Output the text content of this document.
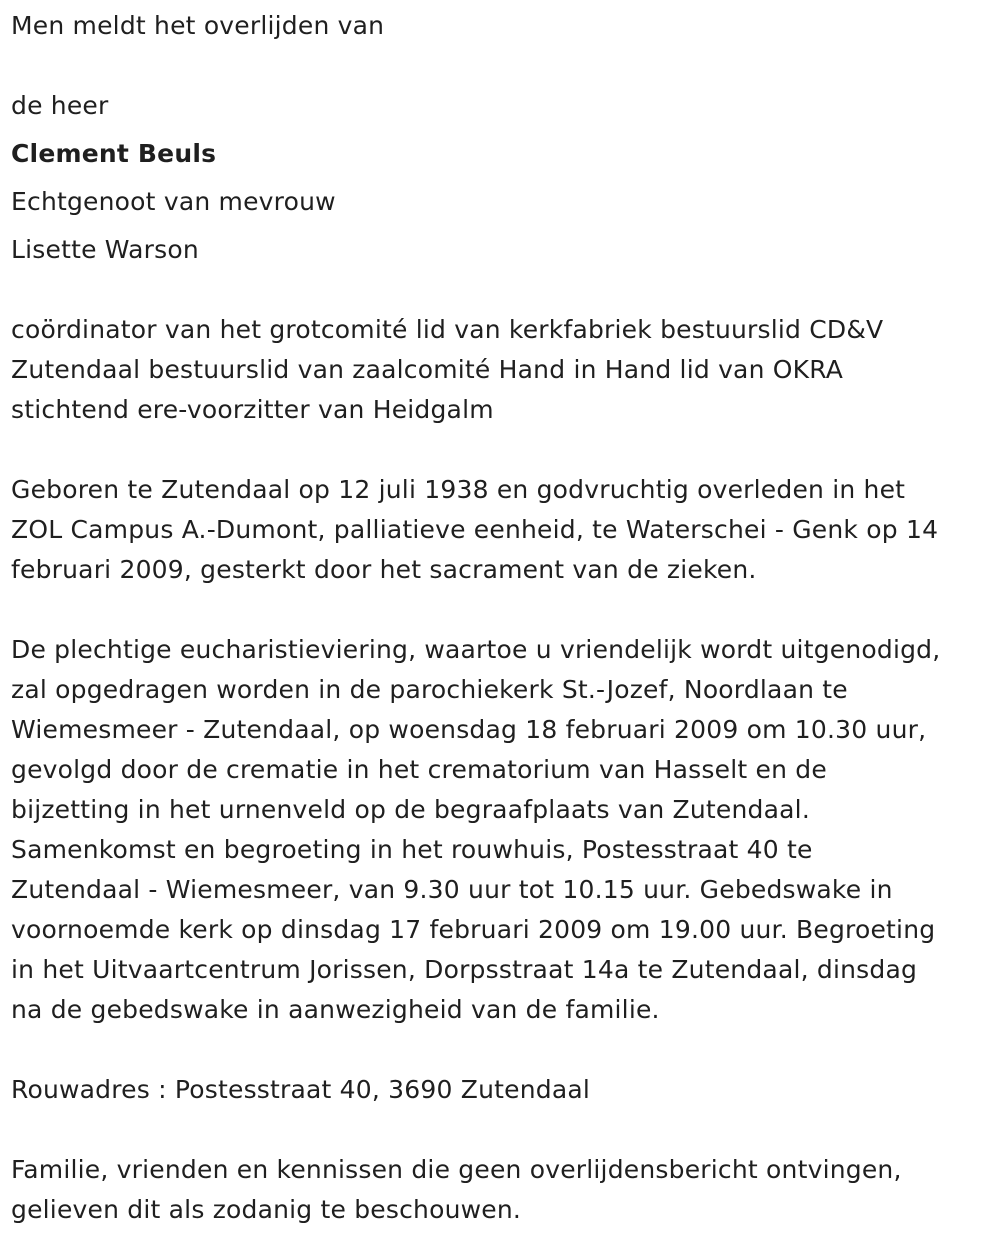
Men meldt het overlijden van
de heer
Clement Beuls
Echtgenoot van mevrouw
Lisette Warson
coördinator van het grotcomité lid van kerkfabriek bestuurslid CD&V
Zutendaal bestuurslid van zaalcomité Hand in Hand lid van OKRA
stichtend ere-voorzitter van Heidgalm
Geboren te Zutendaal op 12 juli 1938 en godvruchtig overleden in het
ZOL Campus A.-Dumont, palliatieve eenheid, te Waterschei - Genk op 14
februari 2009, gesterkt door het sacrament van de zieken.
De plechtige eucharistieviering, waartoe u vriendelijk wordt uitgenodigd,
zal opgedragen worden in de parochiekerk St.-Jozef, Noordlaan te
Wiemesmeer - Zutendaal, op woensdag 18 februari 2009 om 10.30 uur,
gevolgd door de crematie in het crematorium van Hasselt en de
bijzetting in het urnenveld op de begraafplaats van Zutendaal.
Samenkomst en begroeting in het rouwhuis, Postesstraat 40 te
Zutendaal - Wiemesmeer, van 9.30 uur tot 10.15 uur. Gebedswake in
voornoemde kerk op dinsdag 17 februari 2009 om 19.00 uur. Begroeting
in het Uitvaartcentrum Jorissen, Dorpsstraat 14a te Zutendaal, dinsdag
na de gebedswake in aanwezigheid van de familie.
Rouwadres : Postesstraat 40, 3690 Zutendaal
Familie, vrienden en kennissen die geen overlijdensbericht ontvingen,
gelieven dit als zodanig te beschouwen.
